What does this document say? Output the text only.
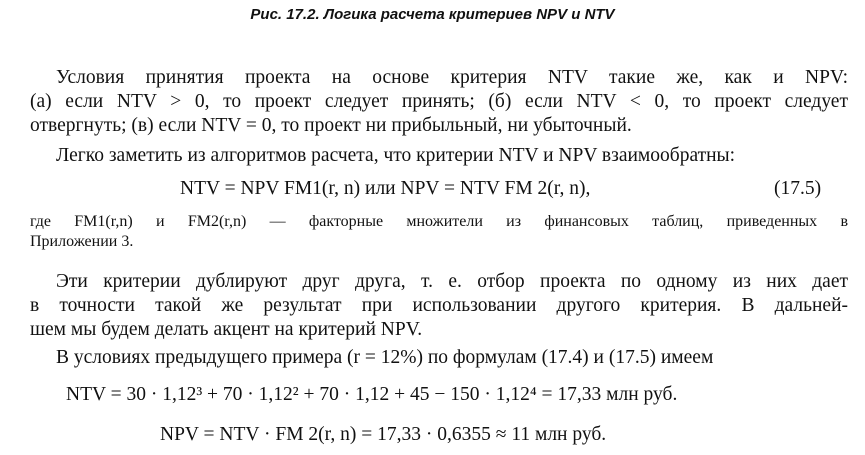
Рис. 17.2. Логика расчета критериев NPV и NTV
Условия принятия проекта на основе критерия NTV такие же, как и NPV:
(а) если NTV > 0, то проект следует принять; (б) если NTV < 0, то проект следует
отвергнуть; (в) если NTV = 0, то проект ни прибыльный, ни убыточный.
Легко заметить из алгоритмов расчета, что критерии NTV и NPV взаимообратны:
NTV = NPV FM1(r, n) или NPV = NTV FM 2(r, n),	(17.5)
где FM1(r,n) и FM2(r,n) — факторные множители из финансовых таблиц, приведенных в
Приложении 3.
Эти критерии дублируют друг друга, т. е. отбор проекта по одному из них дает
в точности такой же результат при использовании другого критерия. В дальней-
шем мы будем делать акцент на критерий NPV.
В условиях предыдущего примера (r = 12%) по формулам (17.4) и (17.5) имеем
NTV = 30 · 1,12³ + 70 · 1,12² + 70 · 1,12 + 45 − 150 · 1,12⁴ = 17,33 млн руб.
NPV = NTV · FM 2(r, n) = 17,33 · 0,6355 ≈ 11 млн руб.
